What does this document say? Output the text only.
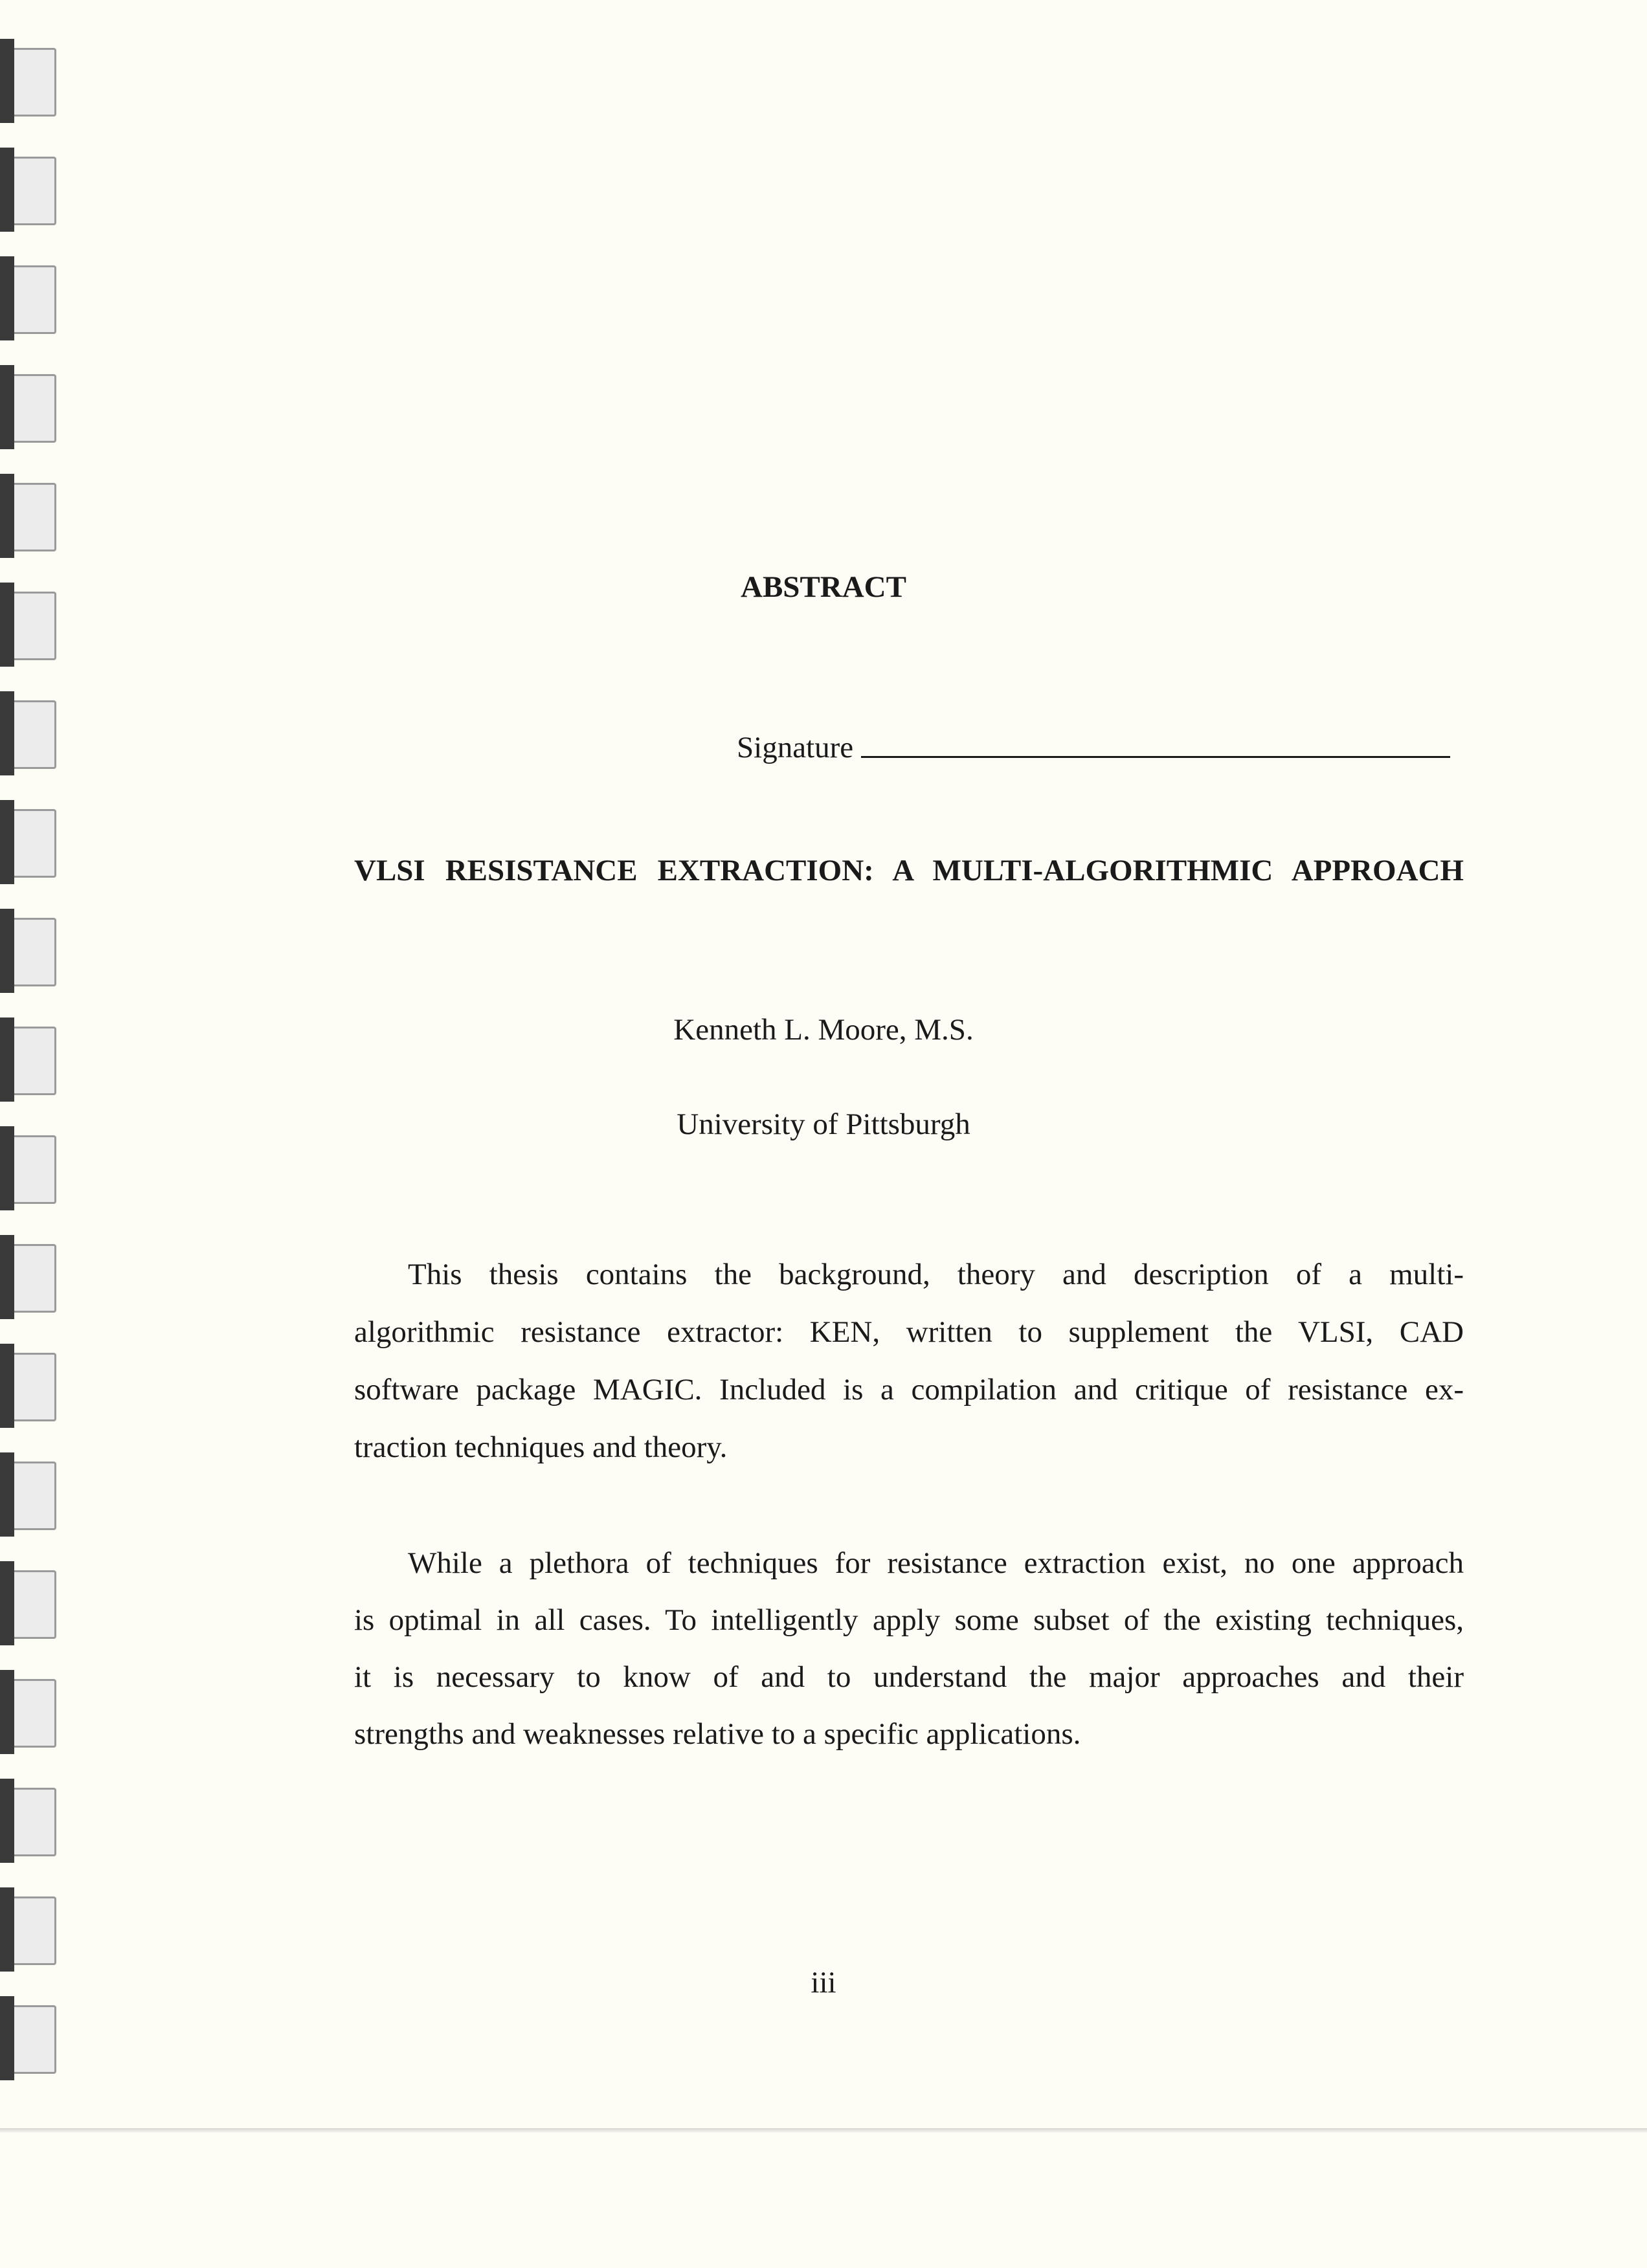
ABSTRACT
Signature
VLSI RESISTANCE EXTRACTION: A MULTI-ALGORITHMIC APPROACH
Kenneth L. Moore, M.S.
University of Pittsburgh
This thesis contains the background, theory and description of a multi-
algorithmic resistance extractor: KEN, written to supplement the VLSI, CAD
software package MAGIC. Included is a compilation and critique of resistance ex-
traction techniques and theory.
While a plethora of techniques for resistance extraction exist, no one approach
is optimal in all cases. To intelligently apply some subset of the existing techniques,
it is necessary to know of and to understand the major approaches and their
strengths and weaknesses relative to a specific applications.
iii
